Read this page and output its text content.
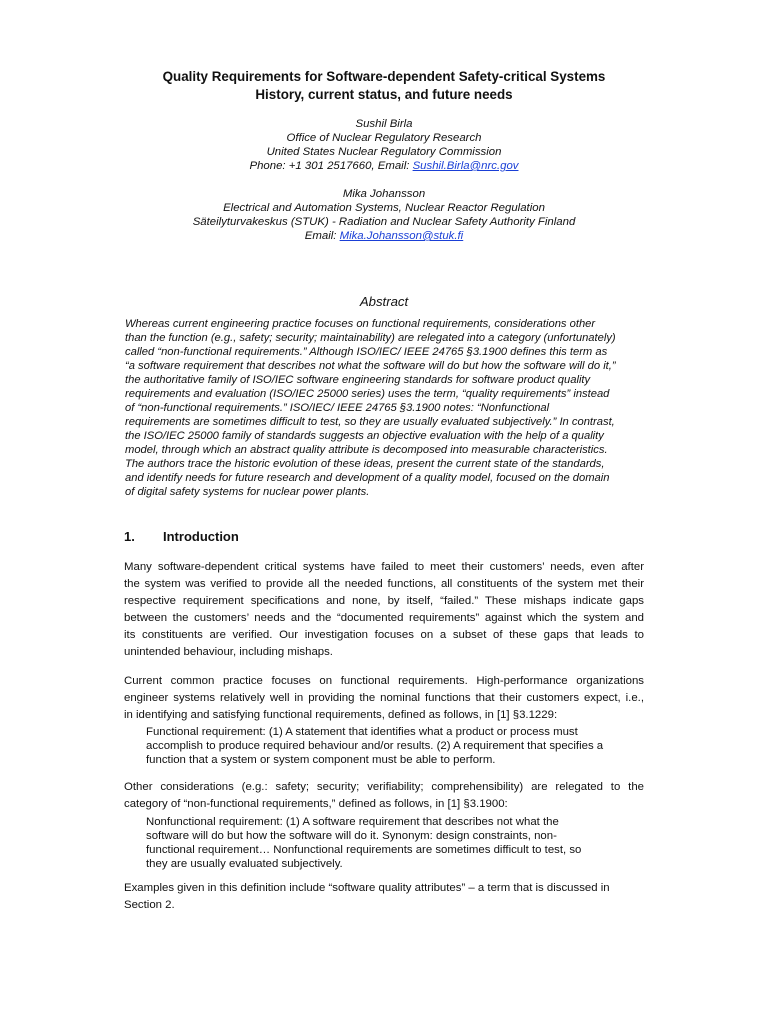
Quality Requirements for Software-dependent Safety-critical Systems
History, current status, and future needs
Sushil Birla
Office of Nuclear Regulatory Research
United States Nuclear Regulatory Commission
Phone: +1 301 2517660, Email: Sushil.Birla@nrc.gov
Mika Johansson
Electrical and Automation Systems, Nuclear Reactor Regulation
Säteilyturvakeskus (STUK) - Radiation and Nuclear Safety Authority Finland
Email: Mika.Johansson@stuk.fi
Abstract
Whereas current engineering practice focuses on functional requirements, considerations other
than the function (e.g., safety; security; maintainability) are relegated into a category (unfortunately)
called “non-functional requirements.” Although ISO/IEC/ IEEE 24765 §3.1900 defines this term as
“a software requirement that describes not what the software will do but how the software will do it,”
the authoritative family of ISO/IEC software engineering standards for software product quality
requirements and evaluation (ISO/IEC 25000 series) uses the term, “quality requirements” instead
of “non-functional requirements.” ISO/IEC/ IEEE 24765 §3.1900 notes: “Nonfunctional
requirements are sometimes difficult to test, so they are usually evaluated subjectively.” In contrast,
the ISO/IEC 25000 family of standards suggests an objective evaluation with the help of a quality
model, through which an abstract quality attribute is decomposed into measurable characteristics.
The authors trace the historic evolution of these ideas, present the current state of the standards,
and identify needs for future research and development of a quality model, focused on the domain
of digital safety systems for nuclear power plants.
1. Introduction
Many software-dependent critical systems have failed to meet their customers’ needs, even after
the system was verified to provide all the needed functions, all constituents of the system met their
respective requirement specifications and none, by itself, “failed.” These mishaps indicate gaps
between the customers’ needs and the “documented requirements” against which the system and
its constituents are verified. Our investigation focuses on a subset of these gaps that leads to
unintended behaviour, including mishaps.
Current common practice focuses on functional requirements. High-performance organizations
engineer systems relatively well in providing the nominal functions that their customers expect, i.e.,
in identifying and satisfying functional requirements, defined as follows, in [1] §3.1229:
Functional requirement: (1) A statement that identifies what a product or process must
accomplish to produce required behaviour and/or results. (2) A requirement that specifies a
function that a system or system component must be able to perform.
Other considerations (e.g.: safety; security; verifiability; comprehensibility) are relegated to the
category of “non-functional requirements,” defined as follows, in [1] §3.1900:
Nonfunctional requirement: (1) A software requirement that describes not what the
software will do but how the software will do it. Synonym: design constraints, non-
functional requirement… Nonfunctional requirements are sometimes difficult to test, so
they are usually evaluated subjectively.
Examples given in this definition include “software quality attributes” – a term that is discussed in
Section 2.
